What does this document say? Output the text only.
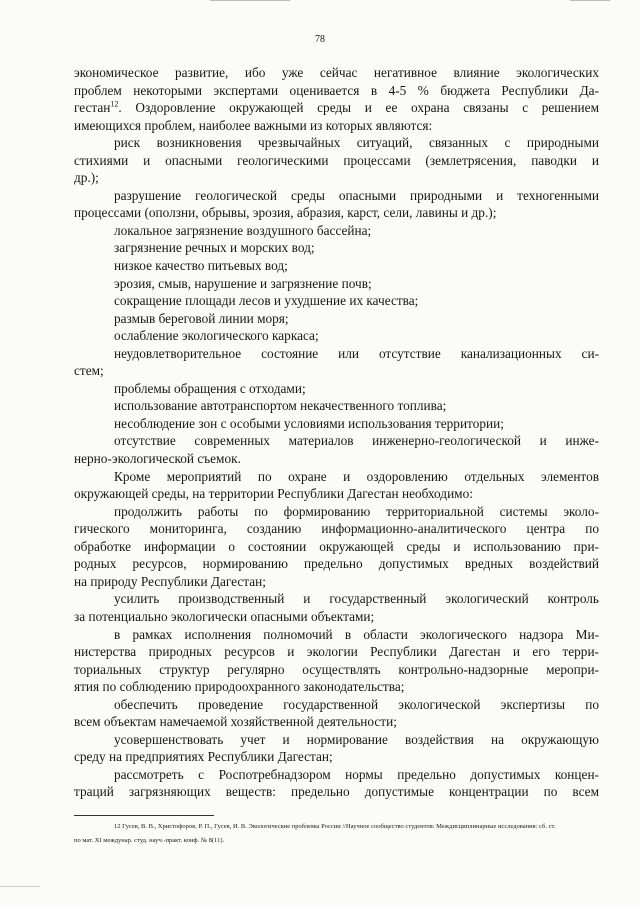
78
экономическое развитие, ибо уже сейчас негативное влияние экологических
проблем некоторыми экспертами оценивается в 4-5 % бюджета Республики Да-
гестан$^{12}$. Оздоровление окружающей среды и ее охрана связаны с решением
имеющихся проблем, наиболее важными из которых являются:
риск возникновения чрезвычайных ситуаций, связанных с природными
стихиями и опасными геологическими процессами (землетрясения, паводки и
др.);
разрушение геологической среды опасными природными и техногенными
процессами (оползни, обрывы, эрозия, абразия, карст, сели, лавины и др.);
локальное загрязнение воздушного бассейна;
загрязнение речных и морских вод;
низкое качество питьевых вод;
эрозия, смыв, нарушение и загрязнение почв;
сокращение площади лесов и ухудшение их качества;
размыв береговой линии моря;
ослабление экологического каркаса;
неудовлетворительное состояние или отсутствие канализационных си-
стем;
проблемы обращения с отходами;
использование автотранспортом некачественного топлива;
несоблюдение зон с особыми условиями использования территории;
отсутствие современных материалов инженерно-геологической и инже-
нерно-экологической съемок.
Кроме мероприятий по охране и оздоровлению отдельных элементов
окружающей среды, на территории Республики Дагестан необходимо:
продолжить работы по формированию территориальной системы эколо-
гического мониторинга, созданию информационно-аналитического центра по
обработке информации о состоянии окружающей среды и использованию при-
родных ресурсов, нормированию предельно допустимых вредных воздействий
на природу Республики Дагестан;
усилить производственный и государственный экологический контроль
за потенциально экологически опасными объектами;
в рамках исполнения полномочий в области экологического надзора Ми-
нистерства природных ресурсов и экологии Республики Дагестан и его терри-
ториальных структур регулярно осуществлять контрольно-надзорные меропри-
ятия по соблюдению природоохранного законодательства;
обеспечить проведение государственной экологической экспертизы по
всем объектам намечаемой хозяйственной деятельности;
усовершенствовать учет и нормирование воздействия на окружающую
среду на предприятиях Республики Дагестан;
рассмотреть с Роспотребнадзором нормы предельно допустимых концен-
траций загрязняющих веществ: предельно допустимые концентрации по всем
12 Гусев, В. В., Христофоров, Р. П., Гусев, И. В. Экологические проблемы России //Научное сообщество студентов: Междисциплинарные исследования: сб. ст.
по мат. XI междунар. студ. науч.-практ. конф. № 8(11).
